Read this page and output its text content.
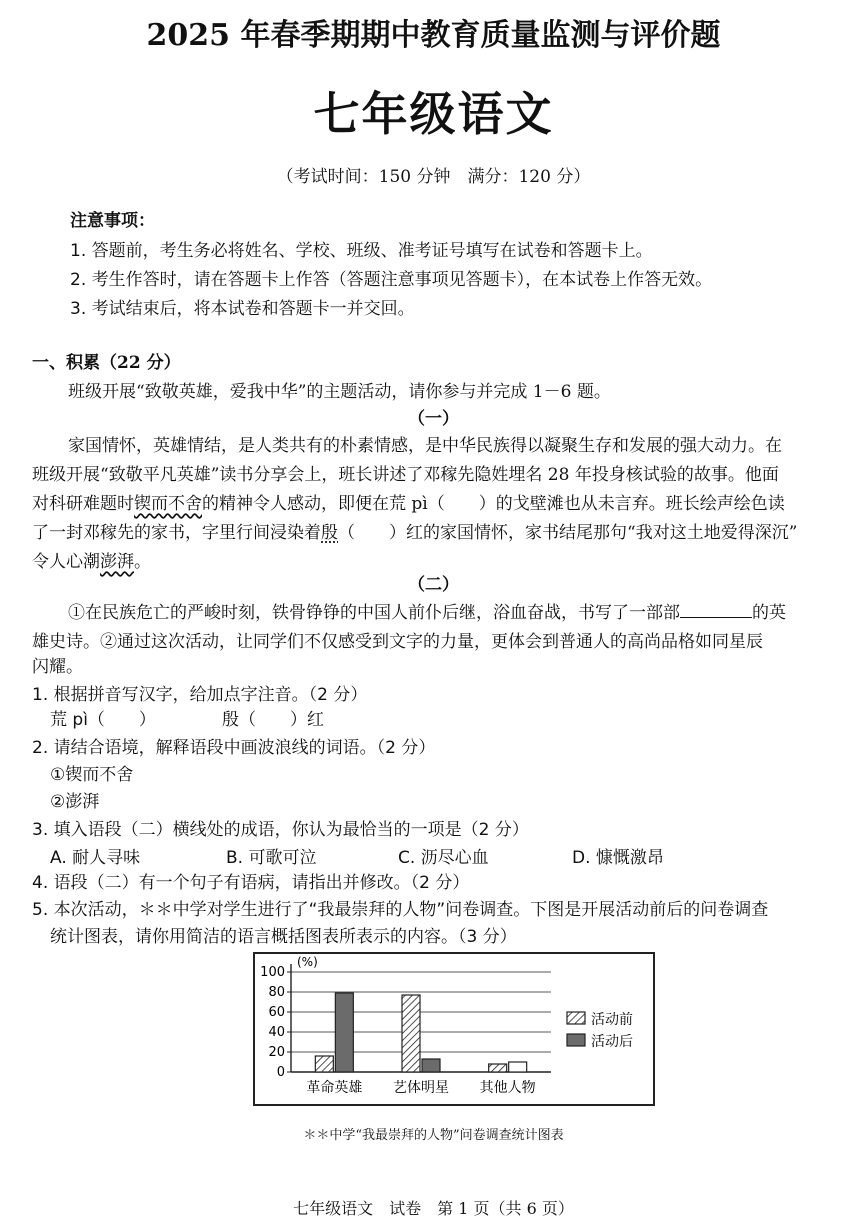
2025 年春季期期中教育质量监测与评价题
七年级语文
（考试时间：150 分钟　满分：120 分）
注意事项：
1. 答题前，考生务必将姓名、学校、班级、准考证号填写在试卷和答题卡上。
2. 考生作答时，请在答题卡上作答（答题注意事项见答题卡），在本试卷上作答无效。
3. 考试结束后，将本试卷和答题卡一并交回。
一、积累（22 分）
班级开展“致敬英雄，爱我中华”的主题活动，请你参与并完成 1－6 题。
（一）
家国情怀，英雄情结，是人类共有的朴素情感，是中华民族得以凝聚生存和发展的强大动力。在
班级开展“致敬平凡英雄”读书分享会上，班长讲述了邓稼先隐姓埋名 28 年投身核试验的故事。他面
对科研难题时锲而不舍的精神令人感动，即便在荒 pì（　　）的戈壁滩也从未言弃。班长绘声绘色读
了一封邓稼先的家书，字里行间浸染着殷（　　）红的家国情怀，家书结尾那句“我对这土地爱得深沉”
令人心潮澎湃。
（二）
①在民族危亡的严峻时刻，铁骨铮铮的中国人前仆后继，浴血奋战，书写了一部部	的英
雄史诗。②通过这次活动，让同学们不仅感受到文字的力量，更体会到普通人的高尚品格如同星辰
闪耀。
1. 根据拼音写汉字，给加点字注音。（2 分）
荒 pì（　　）	殷（　　）红
2. 请结合语境，解释语段中画波浪线的词语。（2 分）
①锲而不舍
②澎湃
3. 填入语段（二）横线处的成语，你认为最恰当的一项是（2 分）
A. 耐人寻味	B. 可歌可泣	C. 沥尽心血	D. 慷慨激昂
4. 语段（二）有一个句子有语病，请指出并修改。（2 分）
5. 本次活动，＊＊中学对学生进行了“我最崇拜的人物”问卷调查。下图是开展活动前后的问卷调查
统计图表，请你用简洁的语言概括图表所表示的内容。（3 分）
(%)
100
80
60
40
20
0
革命英雄 艺体明星 其他人物
活动前
活动后
＊＊中学“我最崇拜的人物”问卷调查统计图表
七年级语文　试卷　第 1 页（共 6 页）
